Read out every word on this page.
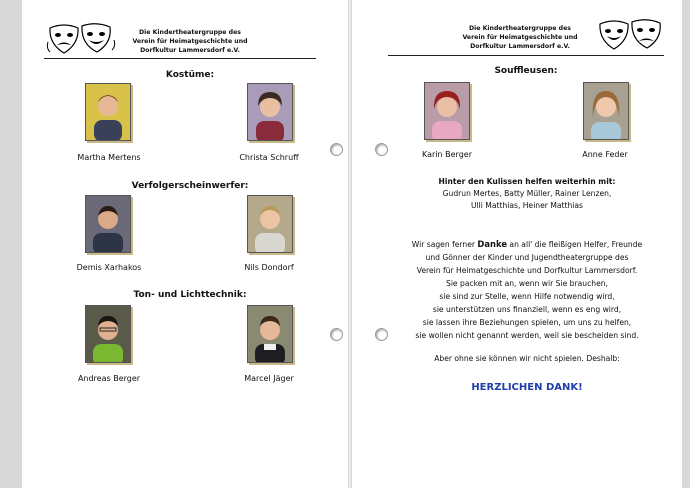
Die Kindertheatergruppe des
Verein für Heimatgeschichte und
Dorfkultur Lammersdorf e.V.
Kostüme:
Martha Mertens	Christa Schruff
Verfolgerscheinwerfer:
Demis Xarhakos	Nils Dondorf
Ton- und Lichttechnik:
Andreas Berger	Marcel Jäger
Die Kindertheatergruppe des
Verein für Heimatgeschichte und
Dorfkultur Lammersdorf e.V.
Souffleusen:
Karin Berger	Anne Feder
Hinter den Kulissen helfen weiterhin mit:
Gudrun Mertes, Batty Müller, Rainer Lenzen,
Ulli Matthias, Heiner Matthias
Wir sagen ferner Danke an all' die fleißigen Helfer, Freunde
und Gönner der Kinder und Jugendtheatergruppe des
Verein für Heimatgeschichte und Dorfkultur Lammersdorf.
Sie packen mit an, wenn wir Sie brauchen,
sie sind zur Stelle, wenn Hilfe notwendig wird,
sie unterstützen uns finanziell, wenn es eng wird,
sie lassen ihre Beziehungen spielen, um uns zu helfen,
sie wollen nicht genannt werden, weil sie bescheiden sind.
Aber ohne sie können wir nicht spielen. Deshalb:
HERZLICHEN DANK!
